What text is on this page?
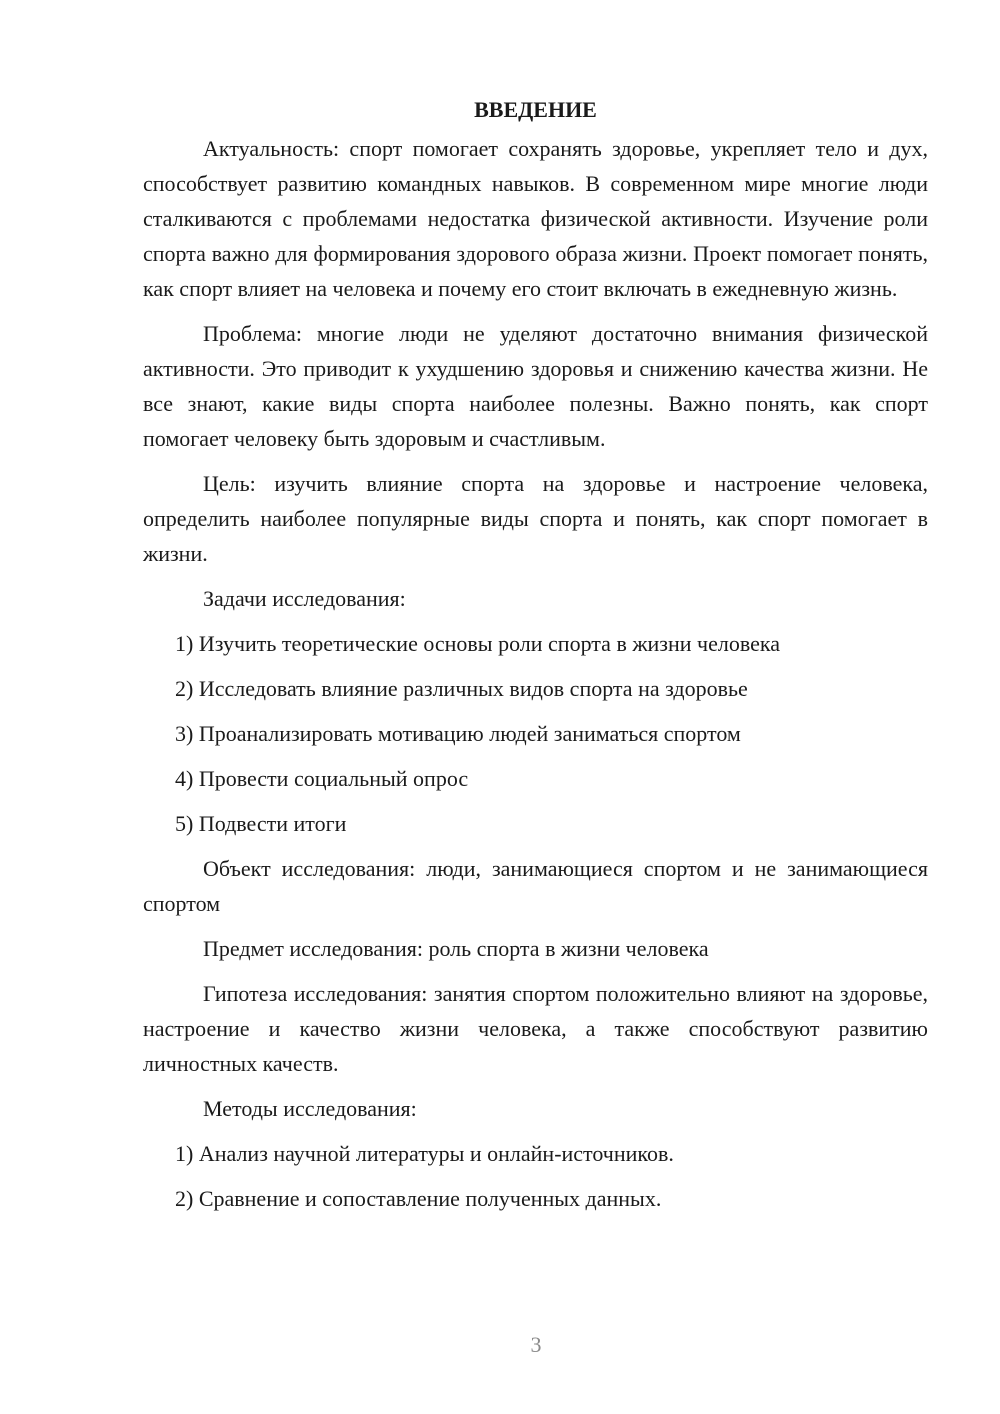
ВВЕДЕНИЕ

Актуальность: спорт помогает сохранять здоровье, укрепляет тело и дух, способствует развитию командных навыков. В современном мире многие люди сталкиваются с проблемами недостатка физической активности. Изучение роли спорта важно для формирования здорового образа жизни. Проект помогает понять, как спорт влияет на человека и почему его стоит включать в ежедневную жизнь.

Проблема: многие люди не уделяют достаточно внимания физической активности. Это приводит к ухудшению здоровья и снижению качества жизни. Не все знают, какие виды спорта наиболее полезны. Важно понять, как спорт помогает человеку быть здоровым и счастливым.

Цель: изучить влияние спорта на здоровье и настроение человека, определить наиболее популярные виды спорта и понять, как спорт помогает в жизни.

Задачи исследования:

1) Изучить теоретические основы роли спорта в жизни человека

2) Исследовать влияние различных видов спорта на здоровье

3) Проанализировать мотивацию людей заниматься спортом

4) Провести социальный опрос

5) Подвести итоги

Объект исследования: люди, занимающиеся спортом и не занимающиеся спортом

Предмет исследования: роль спорта в жизни человека

Гипотеза исследования: занятия спортом положительно влияют на здоровье, настроение и качество жизни человека, а также способствуют развитию личностных качеств.

Методы исследования:

1) Анализ научной литературы и онлайн-источников.

2) Сравнение и сопоставление полученных данных.

3
